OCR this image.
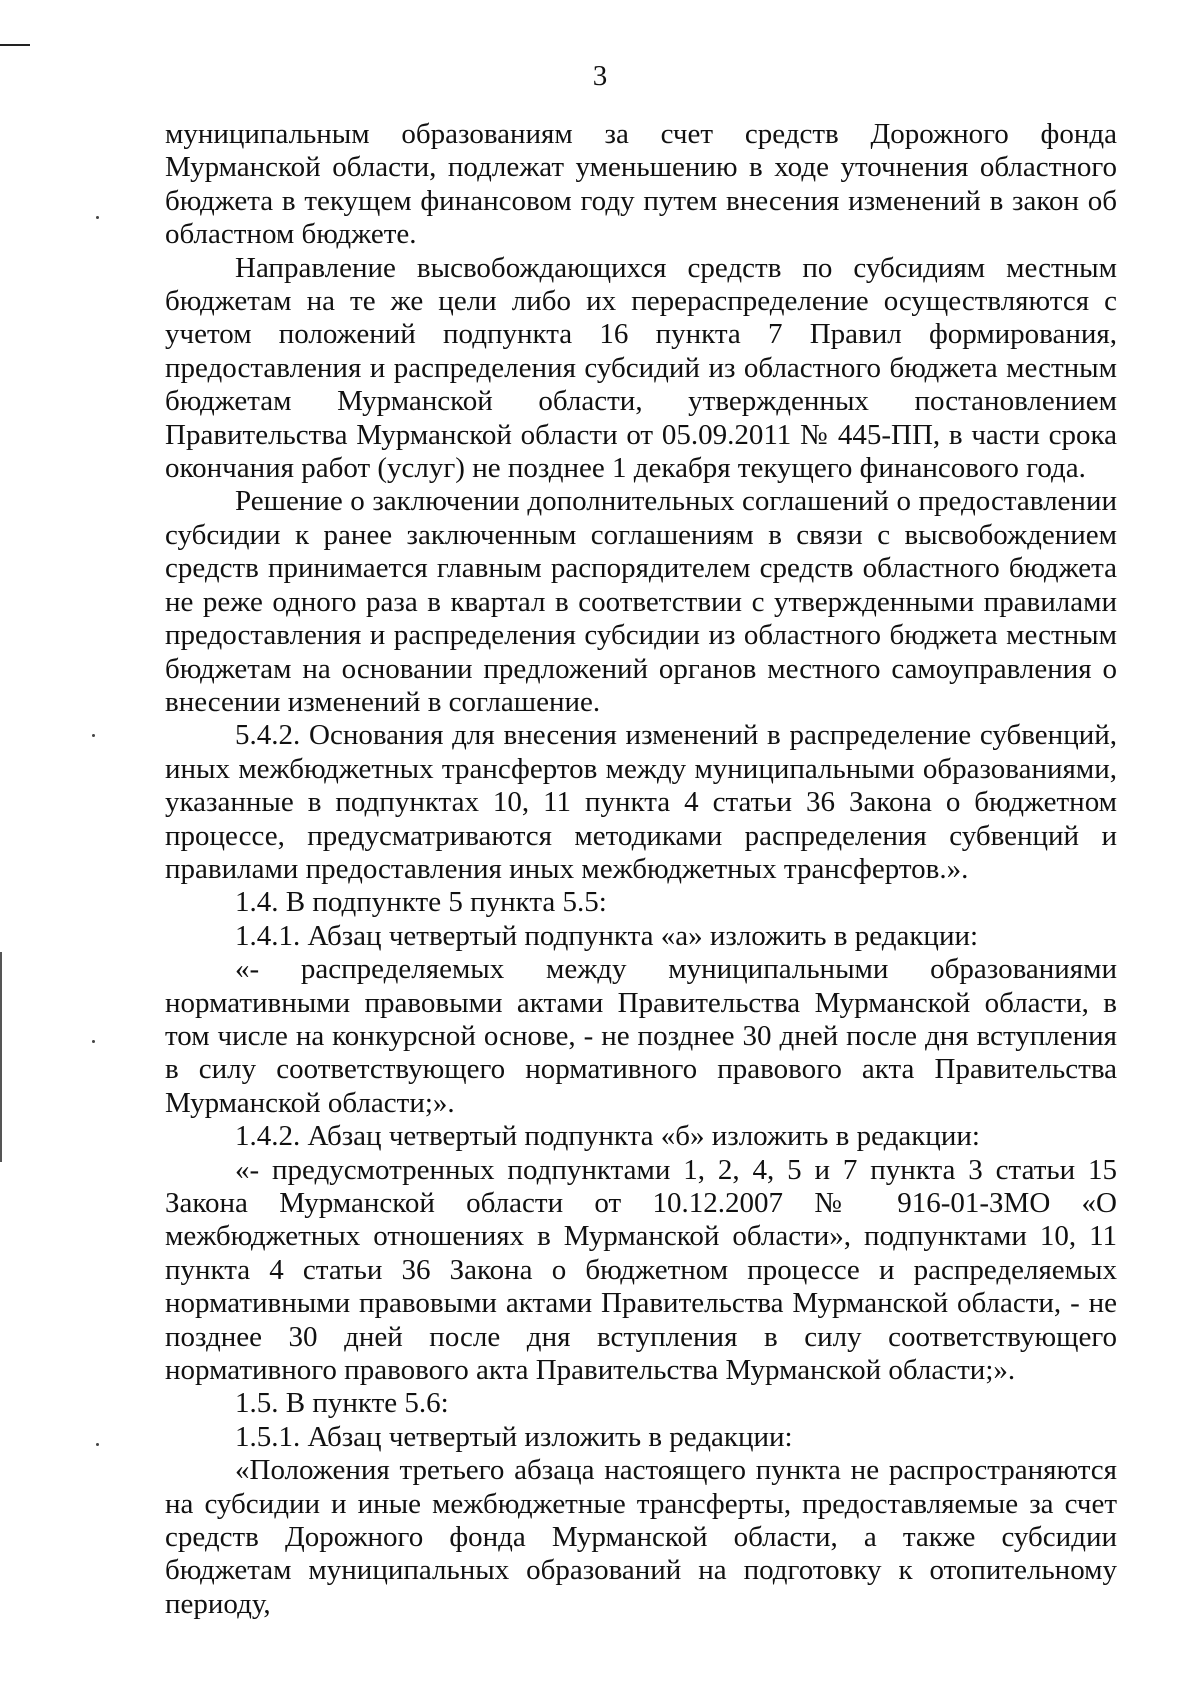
3

муниципальным образованиям за счет средств Дорожного фонда Мурманской области, подлежат уменьшению в ходе уточнения областного бюджета в текущем финансовом году путем внесения изменений в закон об областном бюджете.

Направление высвобождающихся средств по субсидиям местным бюджетам на те же цели либо их перераспределение осуществляются с учетом положений подпункта 16 пункта 7 Правил формирования, предоставления и распределения субсидий из областного бюджета местным бюджетам Мурманской области, утвержденных постановлением Правительства Мурманской области от 05.09.2011 № 445-ПП, в части срока окончания работ (услуг) не позднее 1 декабря текущего финансового года.

Решение о заключении дополнительных соглашений о предоставлении субсидии к ранее заключенным соглашениям в связи с высвобождением средств принимается главным распорядителем средств областного бюджета не реже одного раза в квартал в соответствии с утвержденными правилами предоставления и распределения субсидии из областного бюджета местным бюджетам на основании предложений органов местного самоуправления о внесении изменений в соглашение.

5.4.2. Основания для внесения изменений в распределение субвенций, иных межбюджетных трансфертов между муниципальными образованиями, указанные в подпунктах 10, 11 пункта 4 статьи 36 Закона о бюджетном процессе, предусматриваются методиками распределения субвенций и правилами предоставления иных межбюджетных трансфертов.».

1.4. В подпункте 5 пункта 5.5:

1.4.1. Абзац четвертый подпункта «а» изложить в редакции:

«- распределяемых между муниципальными образованиями нормативными правовыми актами Правительства Мурманской области, в том числе на конкурсной основе, - не позднее 30 дней после дня вступления в силу соответствующего нормативного правового акта Правительства Мурманской области;».

1.4.2. Абзац четвертый подпункта «б» изложить в редакции:

«- предусмотренных подпунктами 1, 2, 4, 5 и 7 пункта 3 статьи 15 Закона Мурманской области от 10.12.2007 № 916-01-ЗМО «О межбюджетных отношениях в Мурманской области», подпунктами 10, 11 пункта 4 статьи 36 Закона о бюджетном процессе и распределяемых нормативными правовыми актами Правительства Мурманской области, - не позднее 30 дней после дня вступления в силу соответствующего нормативного правового акта Правительства Мурманской области;».

1.5. В пункте 5.6:

1.5.1. Абзац четвертый изложить в редакции:

«Положения третьего абзаца настоящего пункта не распространяются на субсидии и иные межбюджетные трансферты, предоставляемые за счет средств Дорожного фонда Мурманской области, а также субсидии бюджетам муниципальных образований на подготовку к отопительному периоду,
